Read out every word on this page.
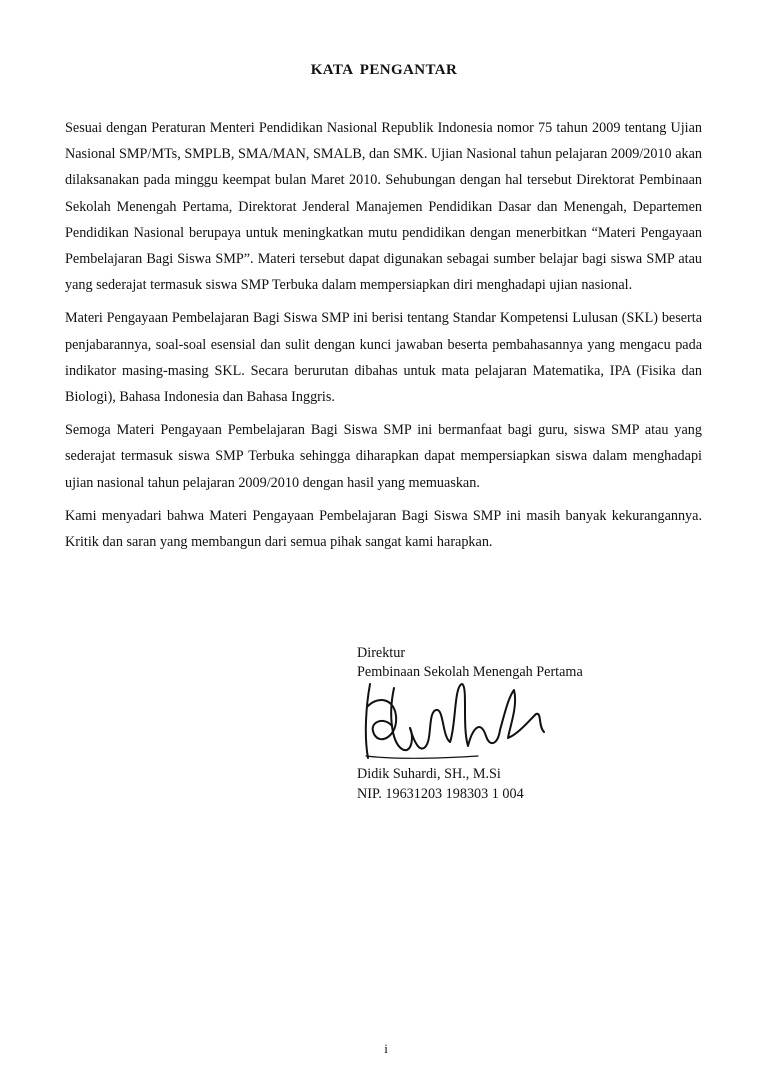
KATA PENGANTAR

Sesuai dengan Peraturan Menteri Pendidikan Nasional Republik Indonesia nomor 75 tahun 2009 tentang Ujian Nasional SMP/MTs, SMPLB, SMA/MAN, SMALB, dan SMK. Ujian Nasional tahun pelajaran 2009/2010 akan dilaksanakan pada minggu keempat bulan Maret 2010. Sehubungan dengan hal tersebut Direktorat Pembinaan Sekolah Menengah Pertama, Direktorat Jenderal Manajemen Pendidikan Dasar dan Menengah, Departemen Pendidikan Nasional berupaya untuk meningkatkan mutu pendidikan dengan menerbitkan “Materi Pengayaan Pembelajaran Bagi Siswa SMP”. Materi tersebut dapat digunakan sebagai sumber belajar bagi siswa SMP atau yang sederajat termasuk siswa SMP Terbuka dalam mempersiapkan diri menghadapi ujian nasional.

Materi Pengayaan Pembelajaran Bagi Siswa SMP ini berisi tentang Standar Kompetensi Lulusan (SKL) beserta penjabarannya, soal-soal esensial dan sulit dengan kunci jawaban beserta pembahasannya yang mengacu pada indikator masing-masing SKL. Secara berurutan dibahas untuk mata pelajaran Matematika, IPA (Fisika dan Biologi), Bahasa Indonesia dan Bahasa Inggris.

Semoga Materi Pengayaan Pembelajaran Bagi Siswa SMP ini bermanfaat bagi guru, siswa SMP atau yang sederajat termasuk siswa SMP Terbuka sehingga diharapkan dapat mempersiapkan siswa dalam menghadapi ujian nasional tahun pelajaran 2009/2010 dengan hasil yang memuaskan.

Kami menyadari bahwa Materi Pengayaan Pembelajaran Bagi Siswa SMP ini masih banyak kekurangannya. Kritik dan saran yang membangun dari semua pihak sangat kami harapkan.

Direktur
Pembinaan Sekolah Menengah Pertama
Didik Suhardi, SH., M.Si
NIP. 19631203 198303 1 004
i
